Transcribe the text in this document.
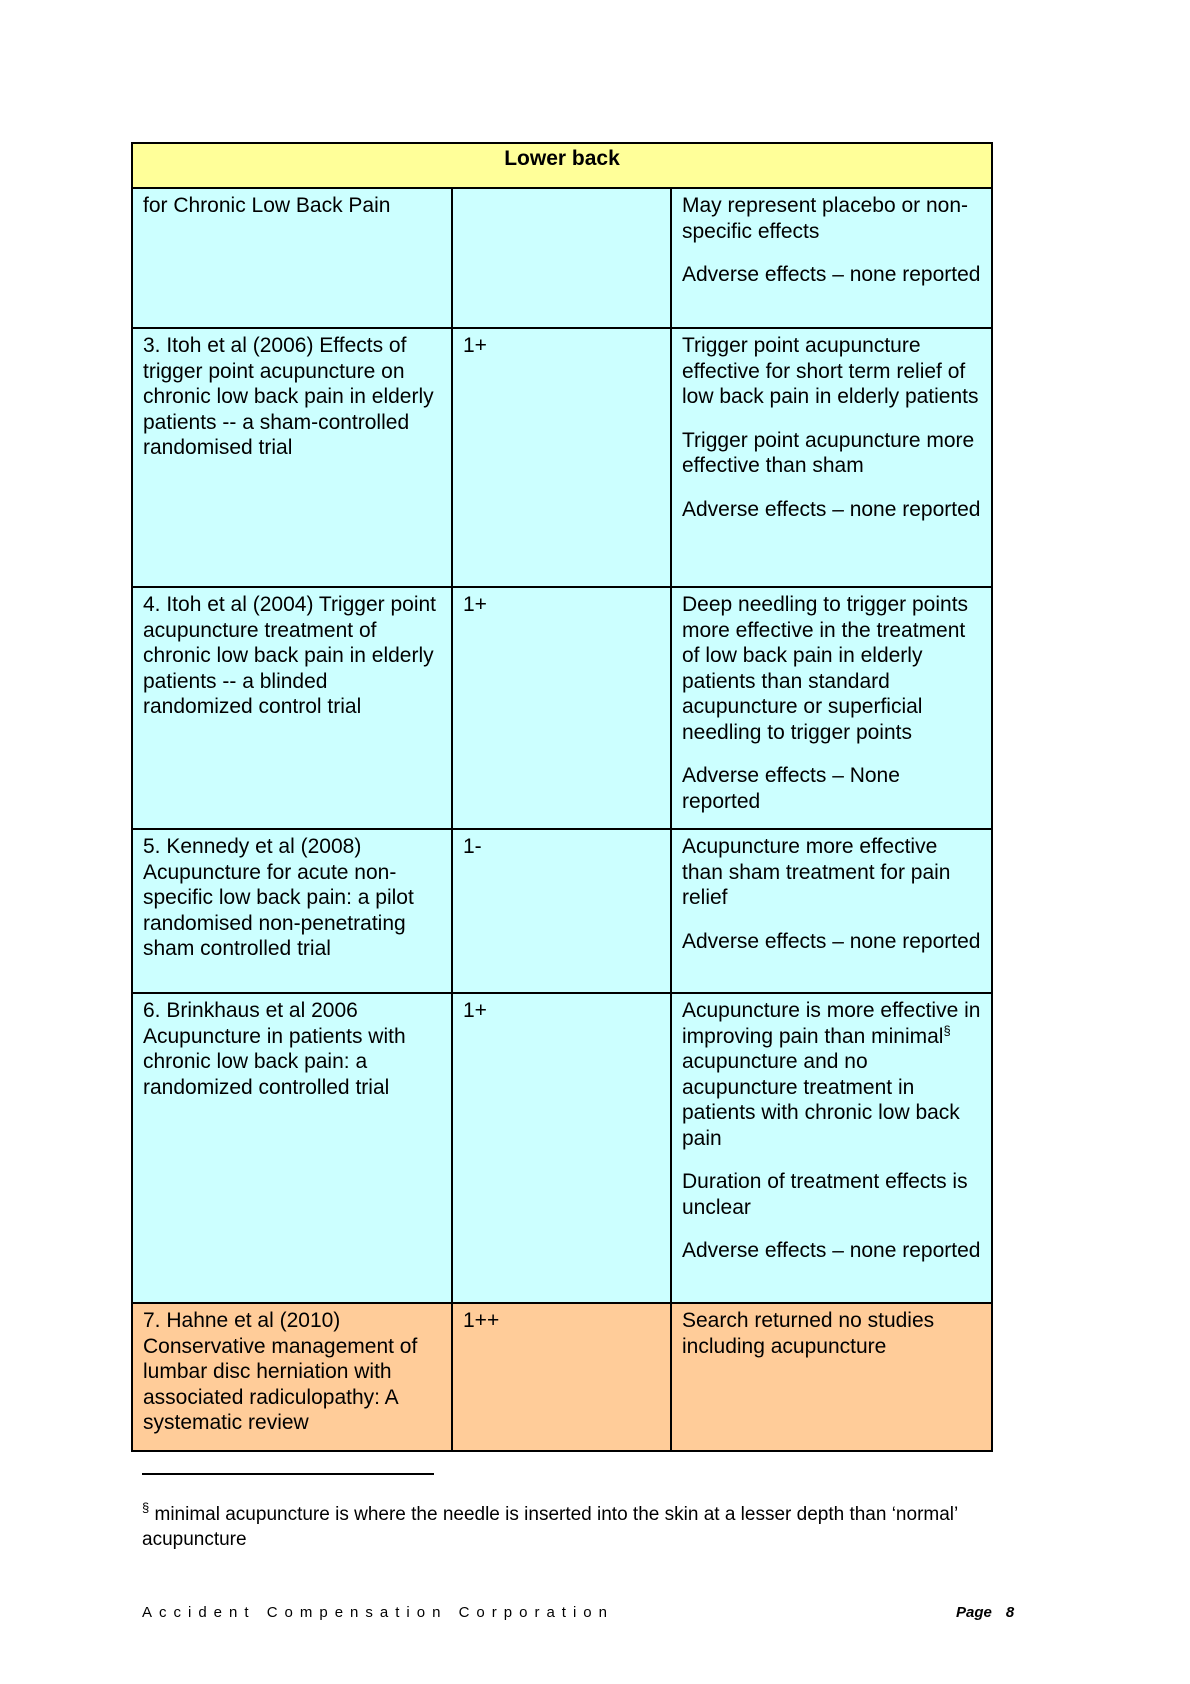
Lower back		
for Chronic Low Back Pain		May represent placebo or non-specific effects

Adverse effects – none reported

3. Itoh et al (2006) Effects of trigger point acupuncture on chronic low back pain in elderly patients -- a sham-controlled randomised trial	1+	Trigger point acupuncture effective for short term relief of low back pain in elderly patients

Trigger point acupuncture more effective than sham

Adverse effects – none reported

4. Itoh et al (2004) Trigger point acupuncture treatment of chronic low back pain in elderly patients -- a blinded randomized control trial	1+	Deep needling to trigger points more effective in the treatment of low back pain in elderly patients than standard acupuncture or superficial needling to trigger points

Adverse effects – None reported

5. Kennedy et al (2008) Acupuncture for acute non-specific low back pain: a pilot randomised non-penetrating sham controlled trial	1-	Acupuncture more effective than sham treatment for pain relief

Adverse effects – none reported

6. Brinkhaus et al 2006 Acupuncture in patients with chronic low back pain: a randomized controlled trial	1+	Acupuncture is more effective in improving pain than minimal§ acupuncture and no acupuncture treatment in patients with chronic low back pain

Duration of treatment effects is unclear

Adverse effects – none reported

7. Hahne et al (2010) Conservative management of lumbar disc herniation with associated radiculopathy: A systematic review	1++	Search returned no studies including acupuncture

§ minimal acupuncture is where the needle is inserted into the skin at a lesser depth than ‘normal’ acupuncture
Accident Compensation Corporation	Page 8
